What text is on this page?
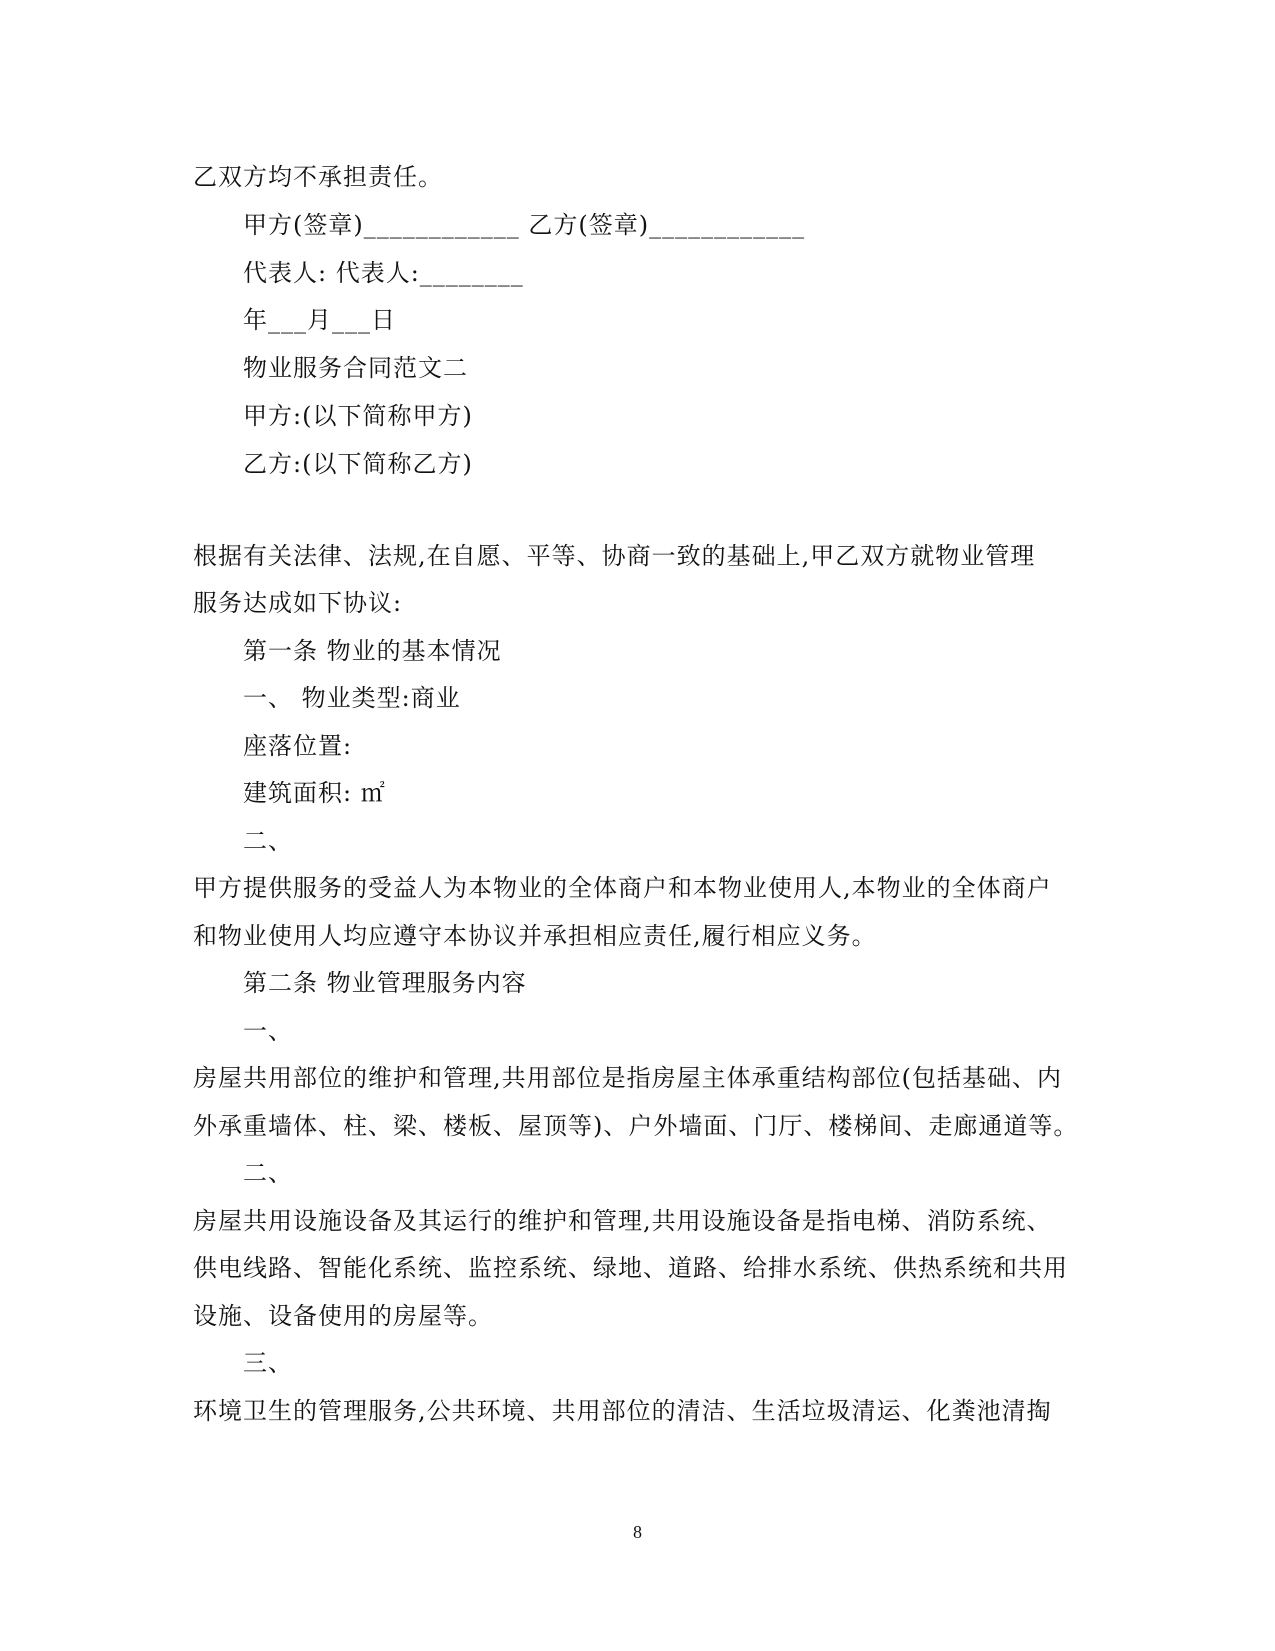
乙双方均不承担责任。
甲方(签章)____________ 乙方(签章)____________
代表人: 代表人:________
年___月___日
物业服务合同范文二
甲方:(以下简称甲方)
乙方:(以下简称乙方)
根据有关法律、法规,在自愿、平等、协商一致的基础上,甲乙双方就物业管理
服务达成如下协议:
第一条 物业的基本情况
一、 物业类型:商业
座落位置:
建筑面积: ㎡
二、
甲方提供服务的受益人为本物业的全体商户和本物业使用人,本物业的全体商户
和物业使用人均应遵守本协议并承担相应责任,履行相应义务。
第二条 物业管理服务内容
一、
房屋共用部位的维护和管理,共用部位是指房屋主体承重结构部位(包括基础、内
外承重墙体、柱、梁、楼板、屋顶等)、户外墙面、门厅、楼梯间、走廊通道等。
二、
房屋共用设施设备及其运行的维护和管理,共用设施设备是指电梯、消防系统、
供电线路、智能化系统、监控系统、绿地、道路、给排水系统、供热系统和共用
设施、设备使用的房屋等。
三、
环境卫生的管理服务,公共环境、共用部位的清洁、生活垃圾清运、化粪池清掏
8
